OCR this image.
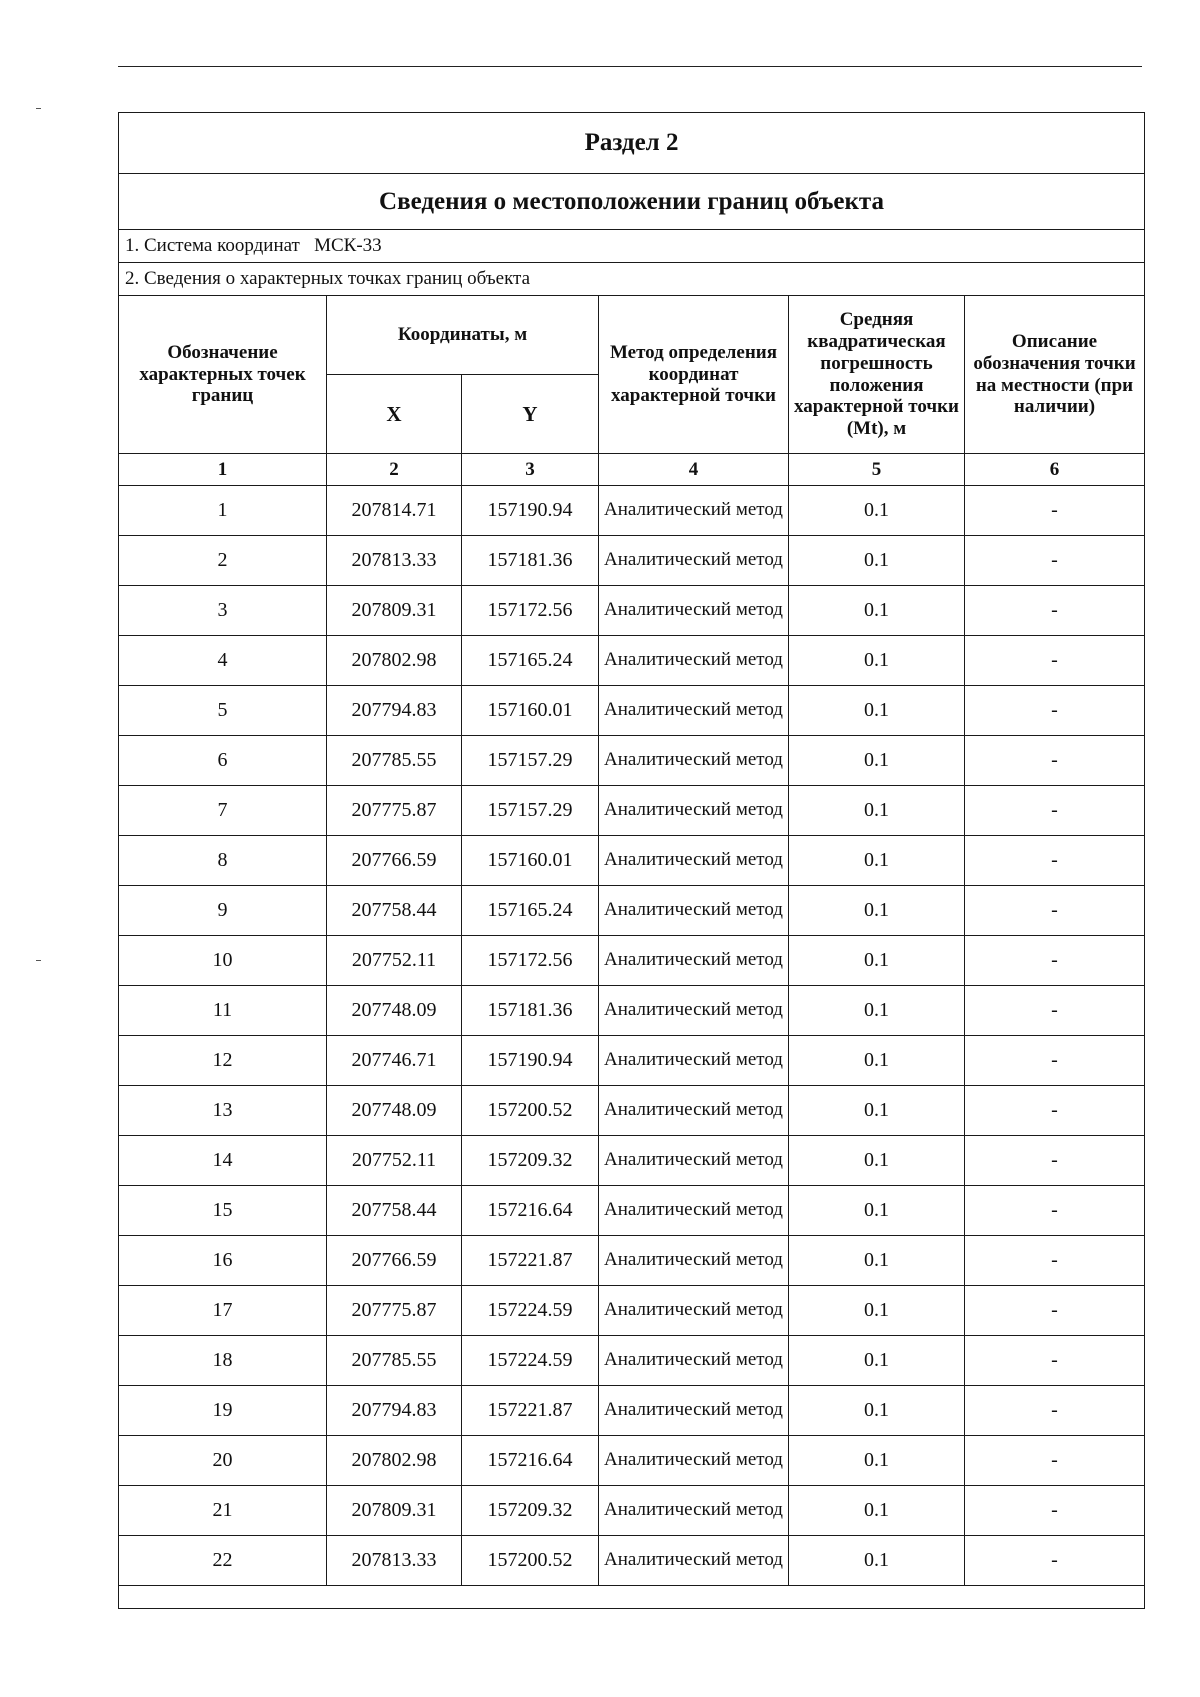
Раздел 2					
Сведения о местоположении границ объекта					
1. Система координат МСК-33					
2. Сведения о характерных точках границ объекта					
Обозначение характерных точек границ	Координаты, м		Метод определения координат характерной точки	Средняя квадратическая погрешность положения характерной точки (Mt), м	Описание обозначения точки на местности (при наличии)
	X	Y			
1	2	3	4	5	6
1	207814.71	157190.94	Аналитический метод	0.1	-
2	207813.33	157181.36	Аналитический метод	0.1	-
3	207809.31	157172.56	Аналитический метод	0.1	-
4	207802.98	157165.24	Аналитический метод	0.1	-
5	207794.83	157160.01	Аналитический метод	0.1	-
6	207785.55	157157.29	Аналитический метод	0.1	-
7	207775.87	157157.29	Аналитический метод	0.1	-
8	207766.59	157160.01	Аналитический метод	0.1	-
9	207758.44	157165.24	Аналитический метод	0.1	-
10	207752.11	157172.56	Аналитический метод	0.1	-
11	207748.09	157181.36	Аналитический метод	0.1	-
12	207746.71	157190.94	Аналитический метод	0.1	-
13	207748.09	157200.52	Аналитический метод	0.1	-
14	207752.11	157209.32	Аналитический метод	0.1	-
15	207758.44	157216.64	Аналитический метод	0.1	-
16	207766.59	157221.87	Аналитический метод	0.1	-
17	207775.87	157224.59	Аналитический метод	0.1	-
18	207785.55	157224.59	Аналитический метод	0.1	-
19	207794.83	157221.87	Аналитический метод	0.1	-
20	207802.98	157216.64	Аналитический метод	0.1	-
21	207809.31	157209.32	Аналитический метод	0.1	-
22	207813.33	157200.52	Аналитический метод	0.1	-
